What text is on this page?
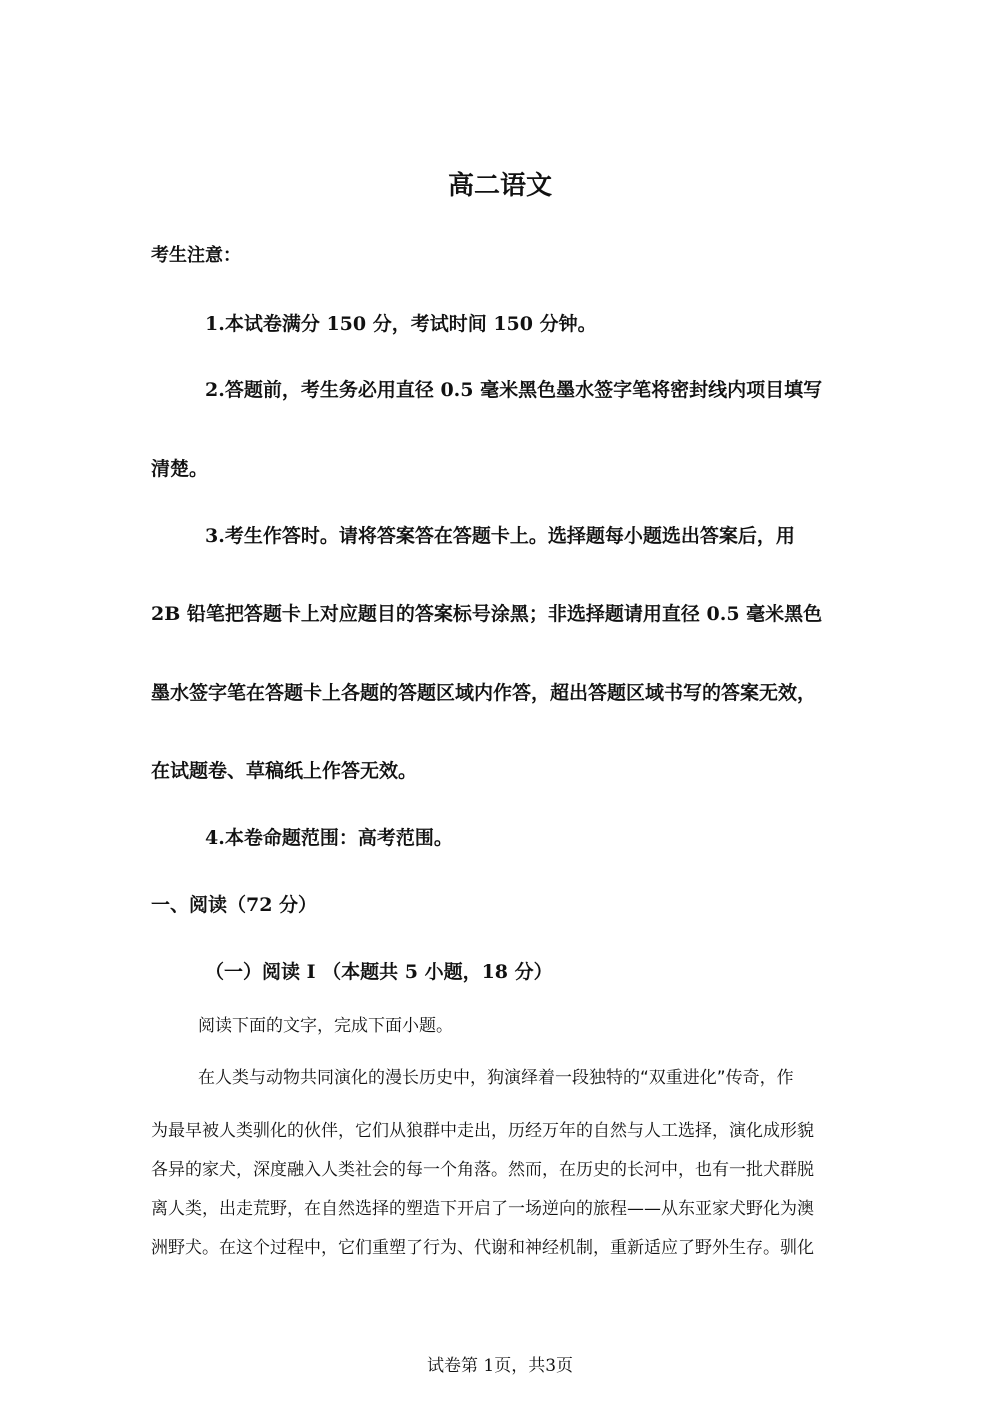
高二语文
考生注意：
1.本试卷满分 150 分，考试时间 150 分钟。
2.答题前，考生务必用直径 0.5 毫米黑色墨水签字笔将密封线内项目填写
清楚。
3.考生作答时。请将答案答在答题卡上。选择题每小题选出答案后，用
2B 铅笔把答题卡上对应题目的答案标号涂黑；非选择题请用直径 0.5 毫米黑色
墨水签字笔在答题卡上各题的答题区域内作答，超出答题区域书写的答案无效，
在试题卷、草稿纸上作答无效。
4.本卷命题范围：高考范围。
一、阅读（72 分）
（一）阅读 I （本题共 5 小题，18 分）
阅读下面的文字，完成下面小题。
在人类与动物共同演化的漫长历史中，狗演绎着一段独特的“双重进化”传奇，作
为最早被人类驯化的伙伴，它们从狼群中走出，历经万年的自然与人工选择，演化成形貌
各异的家犬，深度融入人类社会的每一个角落。然而，在历史的长河中，也有一批犬群脱
离人类，出走荒野，在自然选择的塑造下开启了一场逆向的旅程——从东亚家犬野化为澳
洲野犬。在这个过程中，它们重塑了行为、代谢和神经机制，重新适应了野外生存。驯化
试卷第 1页，共3页
